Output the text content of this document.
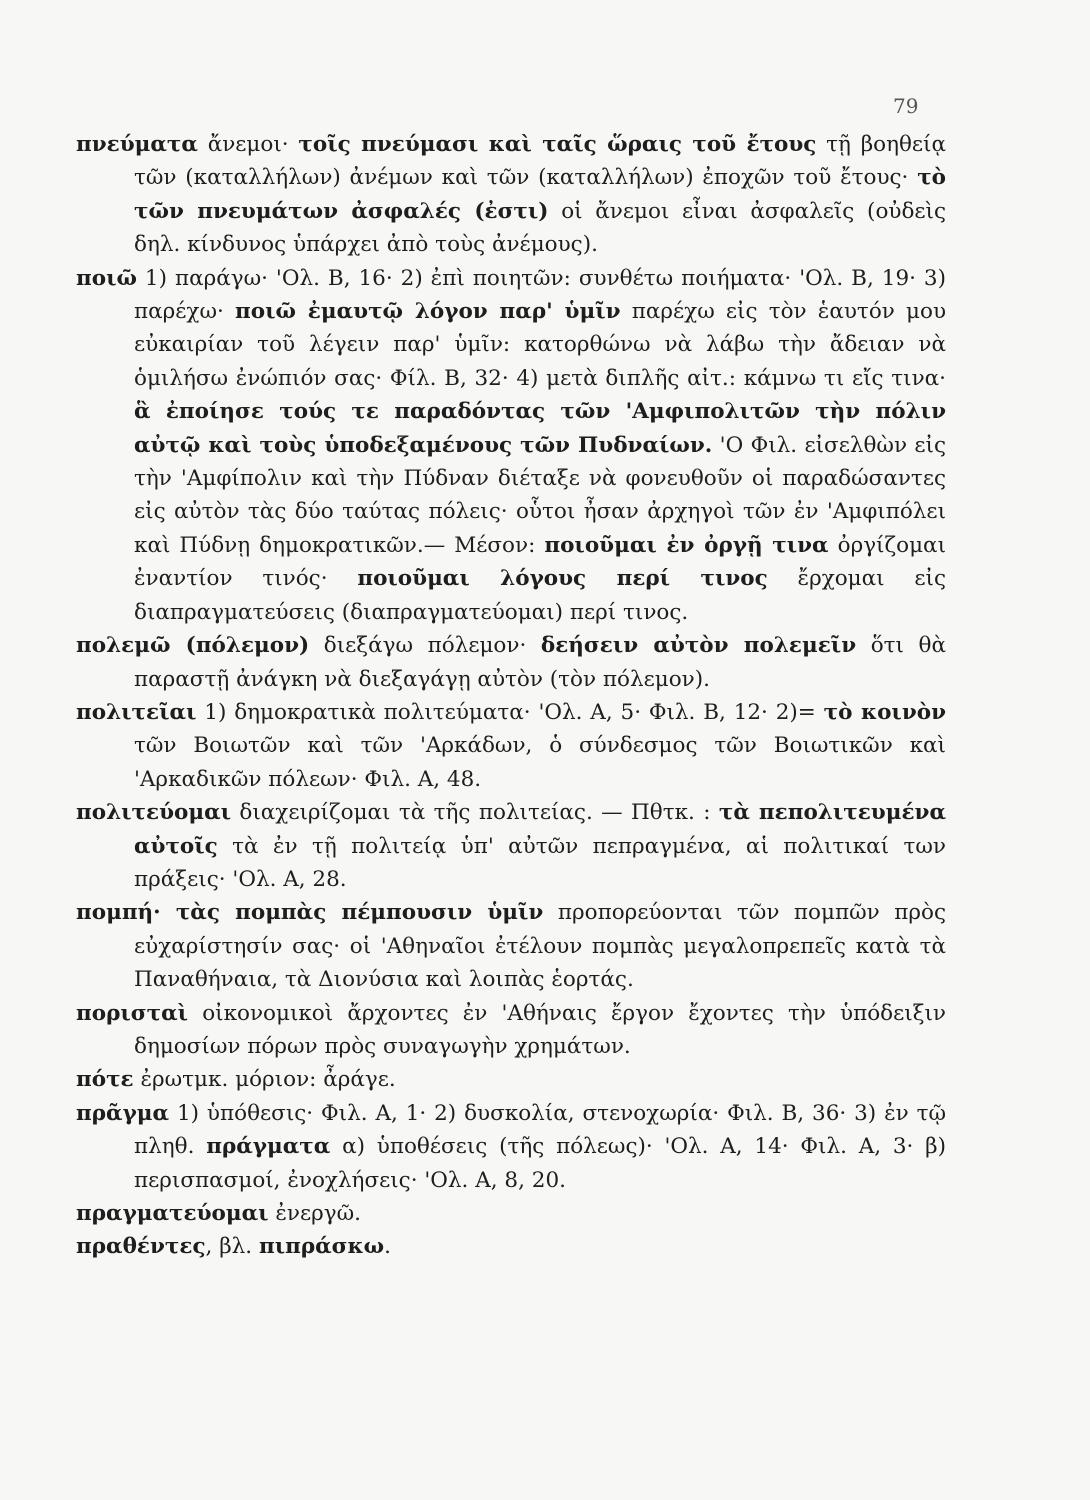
79

πνεύματα ἄνεμοι· τοῖς πνεύμασι καὶ ταῖς ὥραις τοῦ ἔτους τῇ βοηθείᾳ τῶν (καταλλήλων) ἀνέμων καὶ τῶν (καταλλήλων) ἐποχῶν τοῦ ἔτους· τὸ τῶν πνευμάτων ἀσφαλές (ἐστι) οἱ ἄνεμοι εἶναι ἀσφαλεῖς (οὐδεὶς δηλ. κίνδυνος ὑπάρχει ἀπὸ τοὺς ἀνέμους).

ποιῶ 1) παράγω· 'Ολ. Β, 16· 2) ἐπὶ ποιητῶν: συνθέτω ποιήματα· 'Ολ. Β, 19· 3) παρέχω· ποιῶ ἐμαυτῷ λόγον παρ' ὑμῖν παρέχω εἰς τὸν ἑαυτόν μου εὐκαιρίαν τοῦ λέγειν παρ' ὑμῖν: κατορθώνω νὰ λάβω τὴν ἄδειαν νὰ ὁμιλήσω ἐνώπιόν σας· Φίλ. Β, 32· 4) μετὰ διπλῆς αἰτ.: κάμνω τι εἴς τινα· ἃ ἐποίησε τούς τε παραδόντας τῶν 'Αμφιπολιτῶν τὴν πόλιν αὐτῷ καὶ τοὺς ὑποδεξαμένους τῶν Πυδναίων. 'Ο Φιλ. εἰσελθὼν εἰς τὴν 'Αμφίπολιν καὶ τὴν Πύδναν διέταξε νὰ φονευθοῦν οἱ παραδώσαντες εἰς αὐτὸν τὰς δύο ταύτας πόλεις· οὗτοι ἦσαν ἀρχηγοὶ τῶν ἐν 'Αμφιπόλει καὶ Πύδνῃ δημοκρατικῶν.— Μέσον: ποιοῦμαι ἐν ὀργῇ τινα ὀργίζομαι ἐναντίον τινός· ποιοῦμαι λόγους περί τινος ἔρχομαι εἰς διαπραγματεύσεις (διαπραγματεύομαι) περί τινος.

πολεμῶ (πόλεμον) διεξάγω πόλεμον· δεήσειν αὐτὸν πολεμεῖν ὅτι θὰ παραστῇ ἀνάγκη νὰ διεξαγάγῃ αὐτὸν (τὸν πόλεμον).

πολιτεῖαι 1) δημοκρατικὰ πολιτεύματα· 'Ολ. Α, 5· Φιλ. Β, 12· 2)= τὸ κοινὸν τῶν Βοιωτῶν καὶ τῶν 'Αρκάδων, ὁ σύνδεσμος τῶν Βοιωτικῶν καὶ 'Αρκαδικῶν πόλεων· Φιλ. Α, 48.

πολιτεύομαι διαχειρίζομαι τὰ τῆς πολιτείας. — Πθτκ. : τὰ πεπολιτευμένα αὐτοῖς τὰ ἐν τῇ πολιτείᾳ ὑπ' αὐτῶν πεπραγμένα, αἱ πολιτικαί των πράξεις· 'Ολ. Α, 28.

πομπή· τὰς πομπὰς πέμπουσιν ὑμῖν προπορεύονται τῶν πομπῶν πρὸς εὐχαρίστησίν σας· οἱ 'Αθηναῖοι ἐτέλουν πομπὰς μεγαλοπρεπεῖς κατὰ τὰ Παναθήναια, τὰ Διονύσια καὶ λοιπὰς ἑορτάς.

πορισταὶ οἰκονομικοὶ ἄρχοντες ἐν 'Αθήναις ἔργον ἔχοντες τὴν ὑπόδειξιν δημοσίων πόρων πρὸς συναγωγὴν χρημάτων.

πότε ἐρωτμκ. μόριον: ἆράγε.

πρᾶγμα 1) ὑπόθεσις· Φιλ. Α, 1· 2) δυσκολία, στενοχωρία· Φιλ. Β, 36· 3) ἐν τῷ πληθ. πράγματα α) ὑποθέσεις (τῆς πόλεως)· 'Ολ. Α, 14· Φιλ. Α, 3· β) περισπασμοί, ἐνοχλήσεις· 'Ολ. Α, 8, 20.

πραγματεύομαι ἐνεργῶ.

πραθέντες, βλ. πιπράσκω.
